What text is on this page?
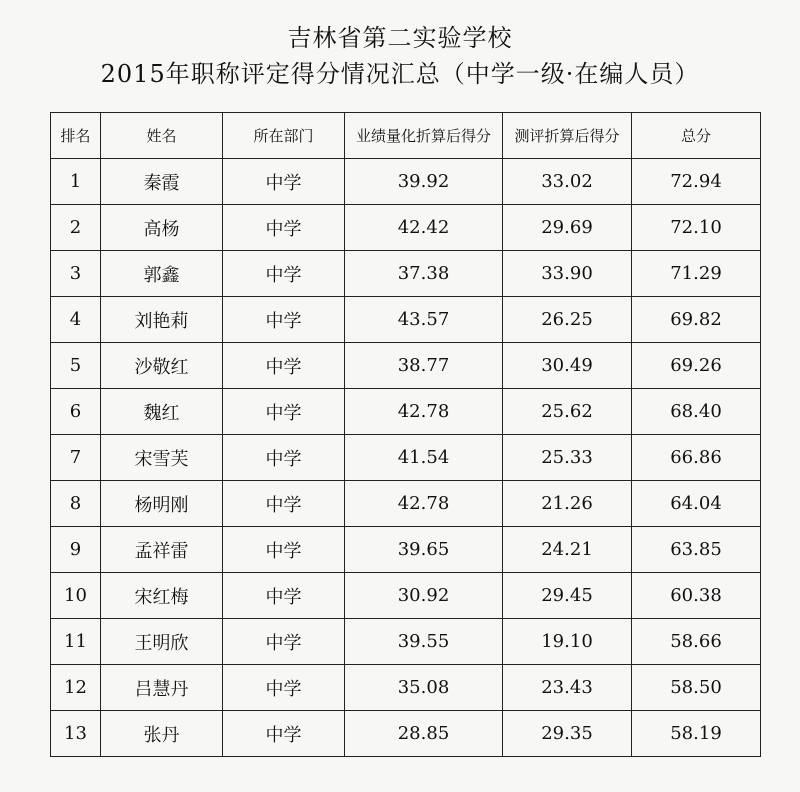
吉林省第二实验学校
2015年职称评定得分情况汇总（中学一级·在编人员）
排名	姓名	所在部门	业绩量化折算后得分	测评折算后得分	总分
1	秦霞	中学	39.92	33.02	72.94
2	高杨	中学	42.42	29.69	72.10
3	郭鑫	中学	37.38	33.90	71.29
4	刘艳莉	中学	43.57	26.25	69.82
5	沙敬红	中学	38.77	30.49	69.26
6	魏红	中学	42.78	25.62	68.40
7	宋雪芙	中学	41.54	25.33	66.86
8	杨明刚	中学	42.78	21.26	64.04
9	孟祥雷	中学	39.65	24.21	63.85
10	宋红梅	中学	30.92	29.45	60.38
11	王明欣	中学	39.55	19.10	58.66
12	吕慧丹	中学	35.08	23.43	58.50
13	张丹	中学	28.85	29.35	58.19
